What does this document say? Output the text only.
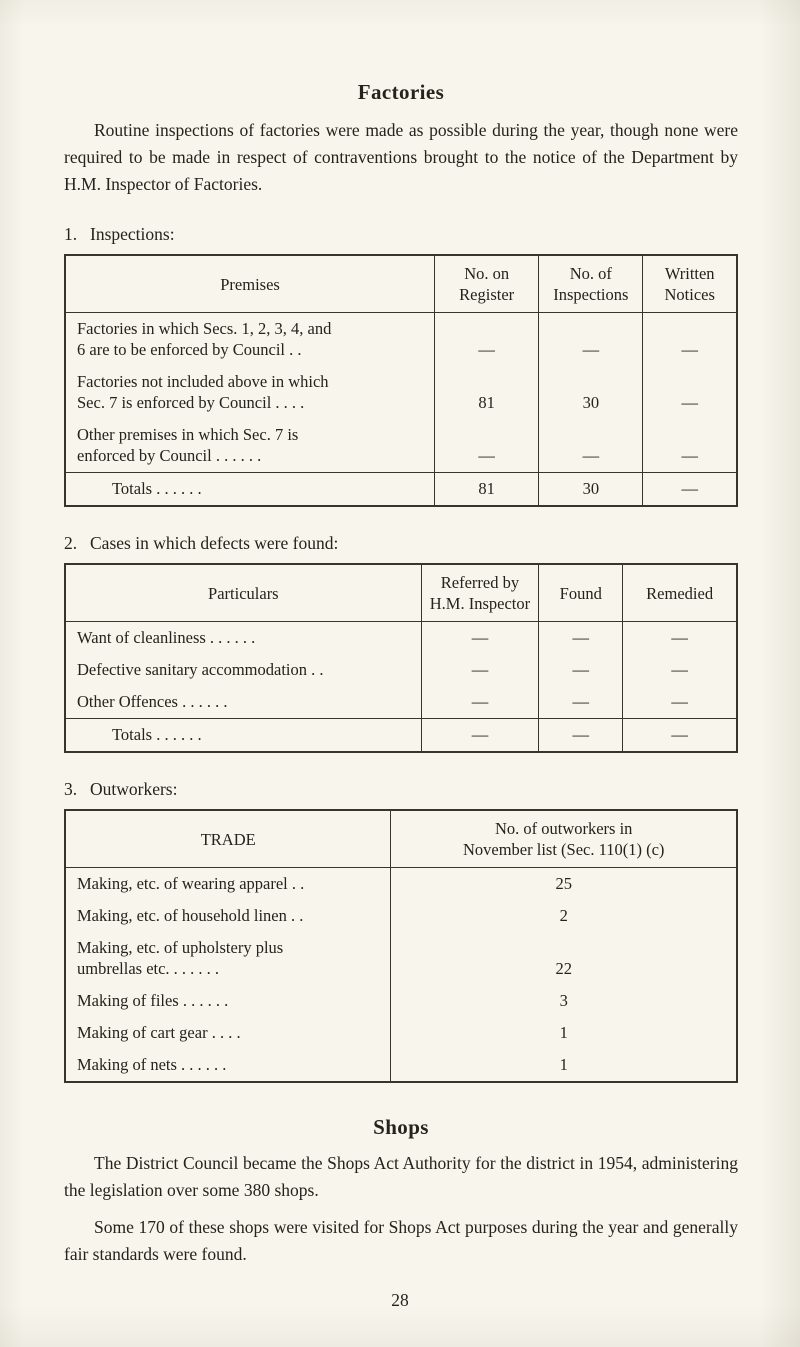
Factories

Routine inspections of factories were made as possible during the year, though none were required to be made in respect of contraventions brought to the notice of the Department by H.M. Inspector of Factories.

1. Inspections:
Premises	No. on Register	No. of Inspections	Written Notices

Factories in which Secs. 1, 2, 3, 4, and
6 are to be enforced by Council . .	—	—	—

Factories not included above in which
Sec. 7 is enforced by Council . . . .	81	30	—

Other premises in which Sec. 7 is
enforced by Council . . . . . .	—	—	—
Totals . . . . . .	81	30	—
2. Cases in which defects were found:
Particulars	Referred by H.M. Inspector	Found	Remedied
Want of cleanliness . . . . . .	—	—	—
Defective sanitary accommodation . .	—	—	—
Other Offences . . . . . .	—	—	—
Totals . . . . . .	—	—	—
3. Outworkers:
TRADE	No. of outworkers in
November list (Sec. 110(1) (c)

Making, etc. of wearing apparel . .	25
Making, etc. of household linen . .	2

Making, etc. of upholstery plus
umbrellas etc. . . . . . .	22
Making of files . . . . . .	3
Making of cart gear . . . .	1
Making of nets . . . . . .	1
Shops

The District Council became the Shops Act Authority for the district in 1954, administering the legislation over some 380 shops.

Some 170 of these shops were visited for Shops Act purposes during the year and generally fair standards were found.

28
